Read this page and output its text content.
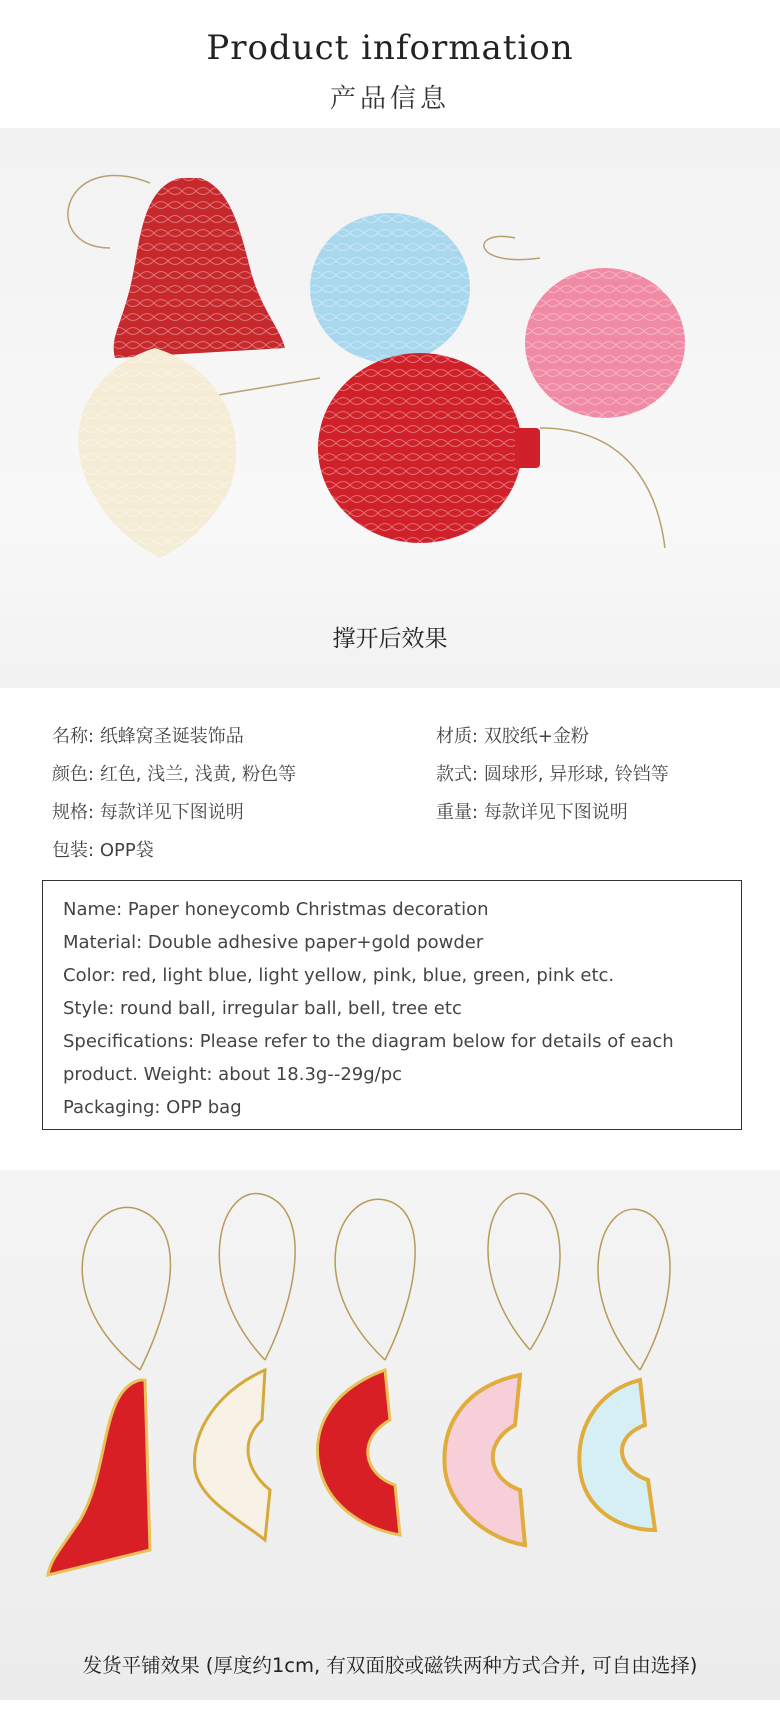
Product information
产品信息
撑开后效果
名称: 纸蜂窝圣诞装饰品	材质: 双胶纸+金粉
颜色: 红色, 浅兰, 浅黄, 粉色等	款式: 圆球形, 异形球, 铃铛等
规格: 每款详见下图说明	重量: 每款详见下图说明
包装: OPP袋
Name: Paper honeycomb Christmas decoration
Material: Double adhesive paper+gold powder
Color: red, light blue, light yellow, pink, blue, green, pink etc.
Style: round ball, irregular ball, bell, tree etc
Specifications: Please refer to the diagram below for details of each
product. Weight: about 18.3g--29g/pc
Packaging: OPP bag
发货平铺效果 (厚度约1cm, 有双面胶或磁铁两种方式合并, 可自由选择)
